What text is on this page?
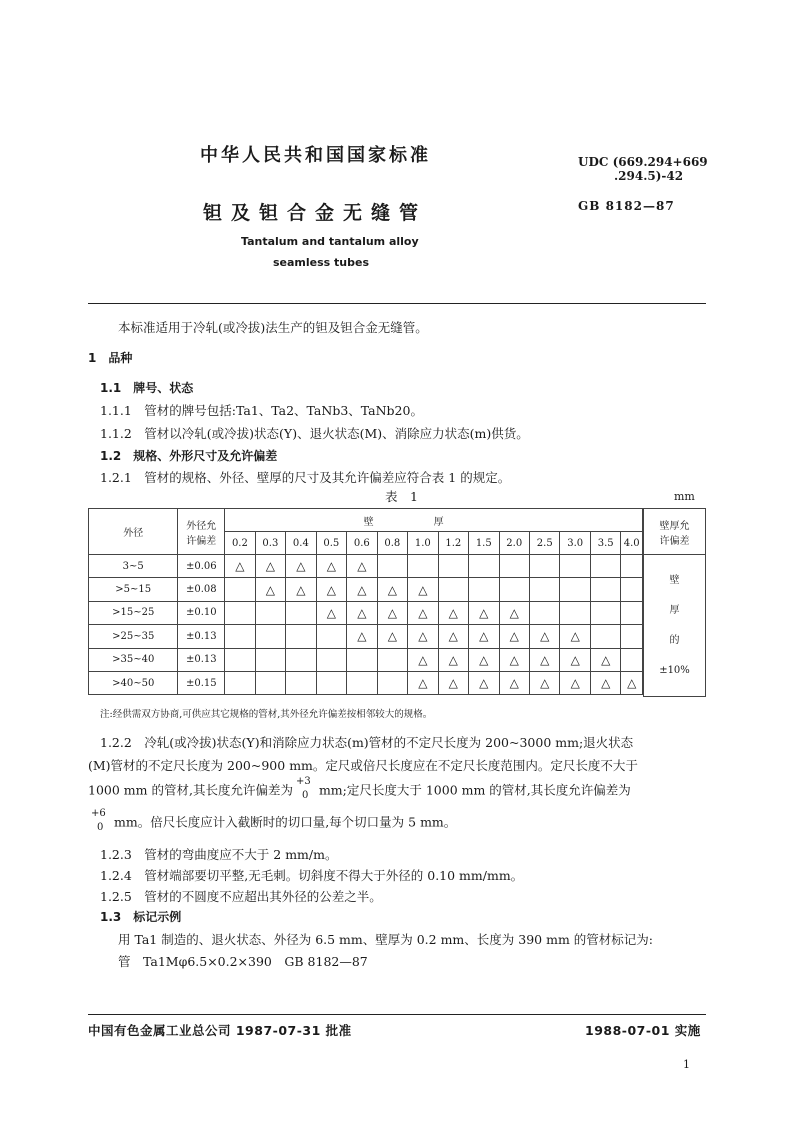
中华人民共和国国家标准
钽及钽合金无缝管
Tantalum and tantalum alloy
seamless tubes
UDC (669.294+669
.294.5)-42
GB 8182—87

本标准适用于冷轧(或冷拔)法生产的钽及钽合金无缝管。

1　品种

1.1　牌号、状态

1.1.1　管材的牌号包括:Ta1、Ta2、TaNb3、TaNb20。

1.1.2　管材以冷轧(或冷拔)状态(Y)、退火状态(M)、消除应力状态(m)供货。

1.2　规格、外形尺寸及允许偏差

1.2.1　管材的规格、外径、壁厚的尺寸及其允许偏差应符合表 1 的规定。

表　1	mm
外径	外径允
许偏差	壁厚													
		0.2	0.3	0.4	0.5	0.6	0.8	1.0	1.2	1.5	2.0	2.5	3.0	3.5	4.0
3~5	±0.06	△	△	△	△	△									
>5~15	±0.08		△	△	△	△	△	△							
>15~25	±0.10				△	△	△	△	△	△	△				
>25~35	±0.13					△	△	△	△	△	△	△	△		
>35~40	±0.13							△	△	△	△	△	△	△	
>40~50	±0.15							△	△	△	△	△	△	△	△
壁厚允
许偏差

壁
厚
的
±10%
注:经供需双方协商,可供应其它规格的管材,其外径允许偏差按相邻较大的规格。
1.2.2　冷轧(或冷拔)状态(Y)和消除应力状态(m)管材的不定尺长度为 200~3000 mm;退火状态
(M)管材的不定尺长度为 200~900 mm。定尺或倍尺长度应在不定尺长度范围内。定尺长度不大于
1000 mm 的管材,其长度允许偏差为
+3
0 mm;定尺长度大于 1000 mm 的管材,其长度允许偏差为
+6
0 mm。倍尺长度应计入截断时的切口量,每个切口量为 5 mm。
1.2.3　管材的弯曲度应不大于 2 mm/m。
1.2.4　管材端部要切平整,无毛刺。切斜度不得大于外径的 0.10 mm/mm。
1.2.5　管材的不圆度不应超出其外径的公差之半。
1.3　标记示例
用 Ta1 制造的、退火状态、外径为 6.5 mm、壁厚为 0.2 mm、长度为 390 mm 的管材标记为:
管　Ta1Mφ6.5×0.2×390　GB 8182—87
中国有色金属工业总公司 1987-07-31 批准	1988-07-01 实施
1
